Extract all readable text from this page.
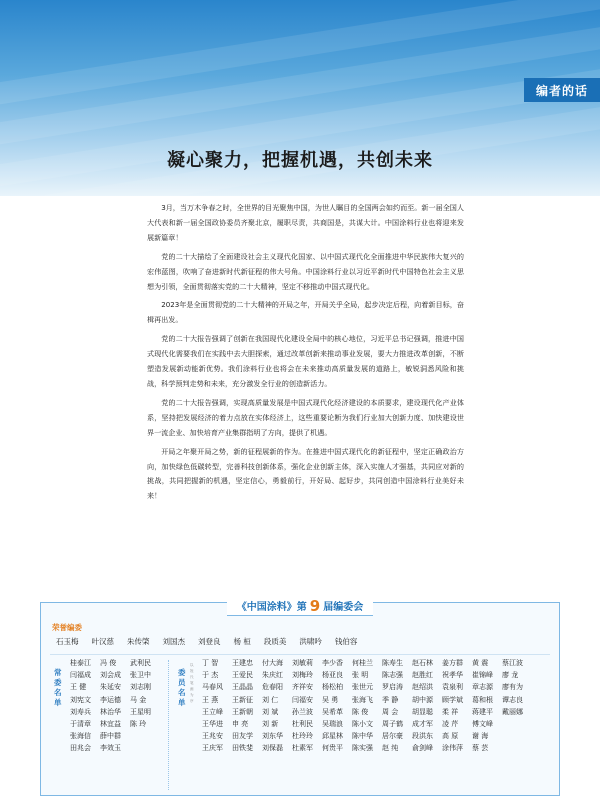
编者的话
凝心聚力，把握机遇，共创未来

3月，当万木争春之时，全世界的目光聚焦中国，为世人瞩目的全国两会如约而至。新一届全国人大代表和新一届全国政协委员齐聚北京，履职尽责，共商国是，共谋大计。中国涂料行业也将迎来发展新篇章！

党的二十大描绘了全面建设社会主义现代化国家、以中国式现代化全面推进中华民族伟大复兴的宏伟蓝图，吹响了奋进新时代新征程的伟大号角。中国涂料行业以习近平新时代中国特色社会主义思想为引领，全面贯彻落实党的二十大精神，坚定不移推动中国式现代化。

2023年是全面贯彻党的二十大精神的开局之年，开局关乎全局，起步决定后程，向着新目标，奋楫再出发。

党的二十大报告强调了创新在我国现代化建设全局中的核心地位，习近平总书记强调，推进中国式现代化需要我们在实践中去大胆探索，通过改革创新来推动事业发展，要大力推进改革创新，不断塑造发展新动能新优势。我们涂料行业也将会在未来推动高质量发展的道路上，敏锐洞悉风险和挑战，科学预判走势和未来，充分激发全行业的创造新活力。

党的二十大报告强调，实现高质量发展是中国式现代化经济建设的本质要求，建设现代化产业体系，坚持把发展经济的着力点放在实体经济上，这些重要论断为我们行业加大创新力度、加快建设世界一流企业、加快培育产业集群指明了方向，提供了机遇。

开局之年聚开局之势，新的征程展新的作为。在推进中国式现代化的新征程中，坚定正确政治方向，加快绿色低碳转型，完善科技创新体系，强化企业创新主体，深入实施人才强基，共同应对新的挑战，共同把握新的机遇，坚定信心，勇毅前行，开好局、起好步，共同创造中国涂料行业美好未来！

《中国涂料》第 9 届编委会
荣誉编委
石玉梅 叶汉慈 朱传棨 刘国杰 刘登良 杨 桓 段质美 洪啸吟 钱伯容
常委名单
桂泰江	冯 俊	武利民
闫福成	刘会成	张卫中
王 健	朱延安	刘志刚
刘宪文	李运德	马 金
刘寿兵	林治华	王星明
于清章	林宜益	陈 玲
张海信	薛中群
田兆会	李效玉
委员名单
以姓氏笔画为序
丁 智	王建忠	付大海	刘敏莉	李少香	何桂兰	陈寿生	赵石林	姜方群	黄 震	蔡江波
于 杰	王爱民	朱庆红	刘梅玲	杨亚良	张 明	陈志强	赵胜红	祝孝华	崔锦峰	廖 龙
马春风	王晶晶	危春阳	齐祥安	杨松柏	张世元	罗启涛	赵绍洪	袁泉利	章志源	廖有为
王 燕	王新征	刘 仁	闫福安	吴 勇	张海飞	季 静	胡中源	顾学斌	葛和根	谭志良
王立峰	王新朝	刘 斌	孙兰波	吴希革	陈 俊	周 会	胡显聪	柔 祥	蒋建平	戴丽娜
王华进	申 亮	刘 新	杜利民	吴瑞浪	陈小文	周子鹤	成才军	凌 芹	傅文峰
王兆安	田友学	刘东华	杜玲玲	邱星林	陈中华	居尔豪	段洪东	高 原	谢 海
王庆军	田铁斐	刘保磊	杜素军	何贵平	陈实强	赵 纯	俞剑峰	涂伟萍	蔡 芸
